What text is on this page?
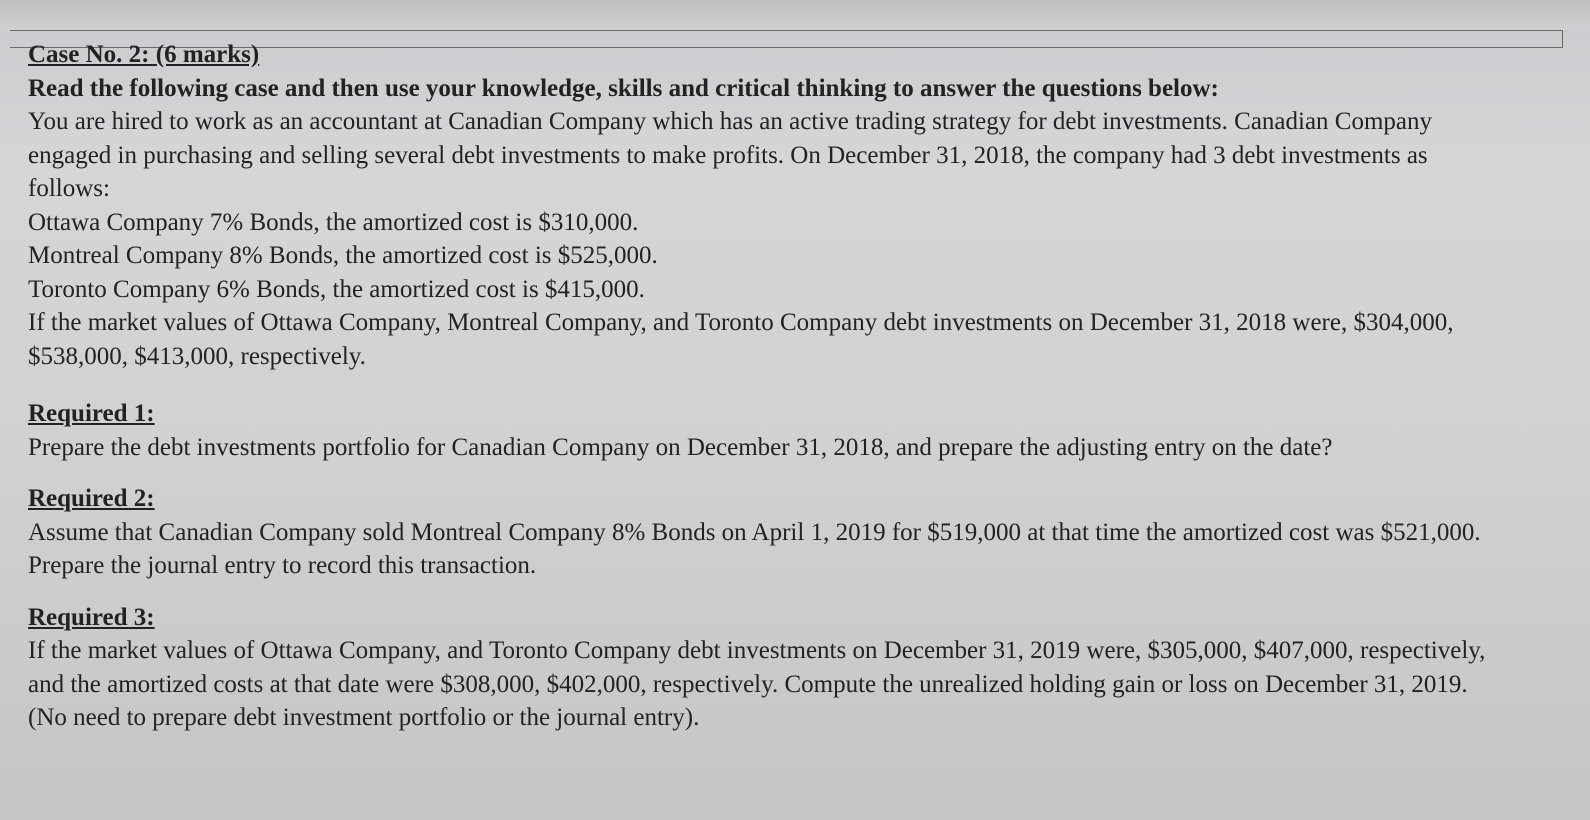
Case No. 2: (6 marks)
Read the following case and then use your knowledge, skills and critical thinking to answer the questions below:
You are hired to work as an accountant at Canadian Company which has an active trading strategy for debt investments. Canadian Company engaged in purchasing and selling several debt investments to make profits. On December 31, 2018, the company had 3 debt investments as follows:
Ottawa Company 7% Bonds, the amortized cost is $310,000.
Montreal Company 8% Bonds, the amortized cost is $525,000.
Toronto Company 6% Bonds, the amortized cost is $415,000.
If the market values of Ottawa Company, Montreal Company, and Toronto Company debt investments on December 31, 2018 were, $304,000, $538,000, $413,000, respectively.
Required 1:
Prepare the debt investments portfolio for Canadian Company on December 31, 2018, and prepare the adjusting entry on the date?
Required 2:
Assume that Canadian Company sold Montreal Company 8% Bonds on April 1, 2019 for $519,000 at that time the amortized cost was $521,000. Prepare the journal entry to record this transaction.
Required 3:
If the market values of Ottawa Company, and Toronto Company debt investments on December 31, 2019 were, $305,000, $407,000, respectively, and the amortized costs at that date were $308,000, $402,000, respectively. Compute the unrealized holding gain or loss on December 31, 2019. (No need to prepare debt investment portfolio or the journal entry).
